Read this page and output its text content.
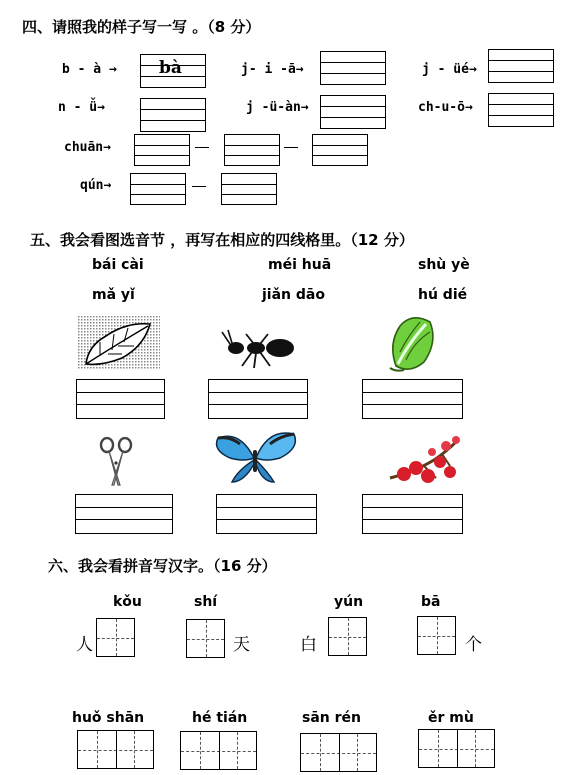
四、请照我的样子写一写 。（8 分）
b - à → bà	j- i -ā→	j - üé→
n - ǚ→	j -ü-àn→	ch-u-ō→
chuān→
qún→
五、我会看图选音节 ，再写在相应的四线格里。（12 分）
bái cài	méi huā	shù yè
mǎ yǐ	jiǎn dāo	hú dié
六、我会看拼音写汉字。（16 分）
kǒu
人
shí
天
yún
白
bā
个
huǒ shān	hé tián	sān rén	ěr mù
